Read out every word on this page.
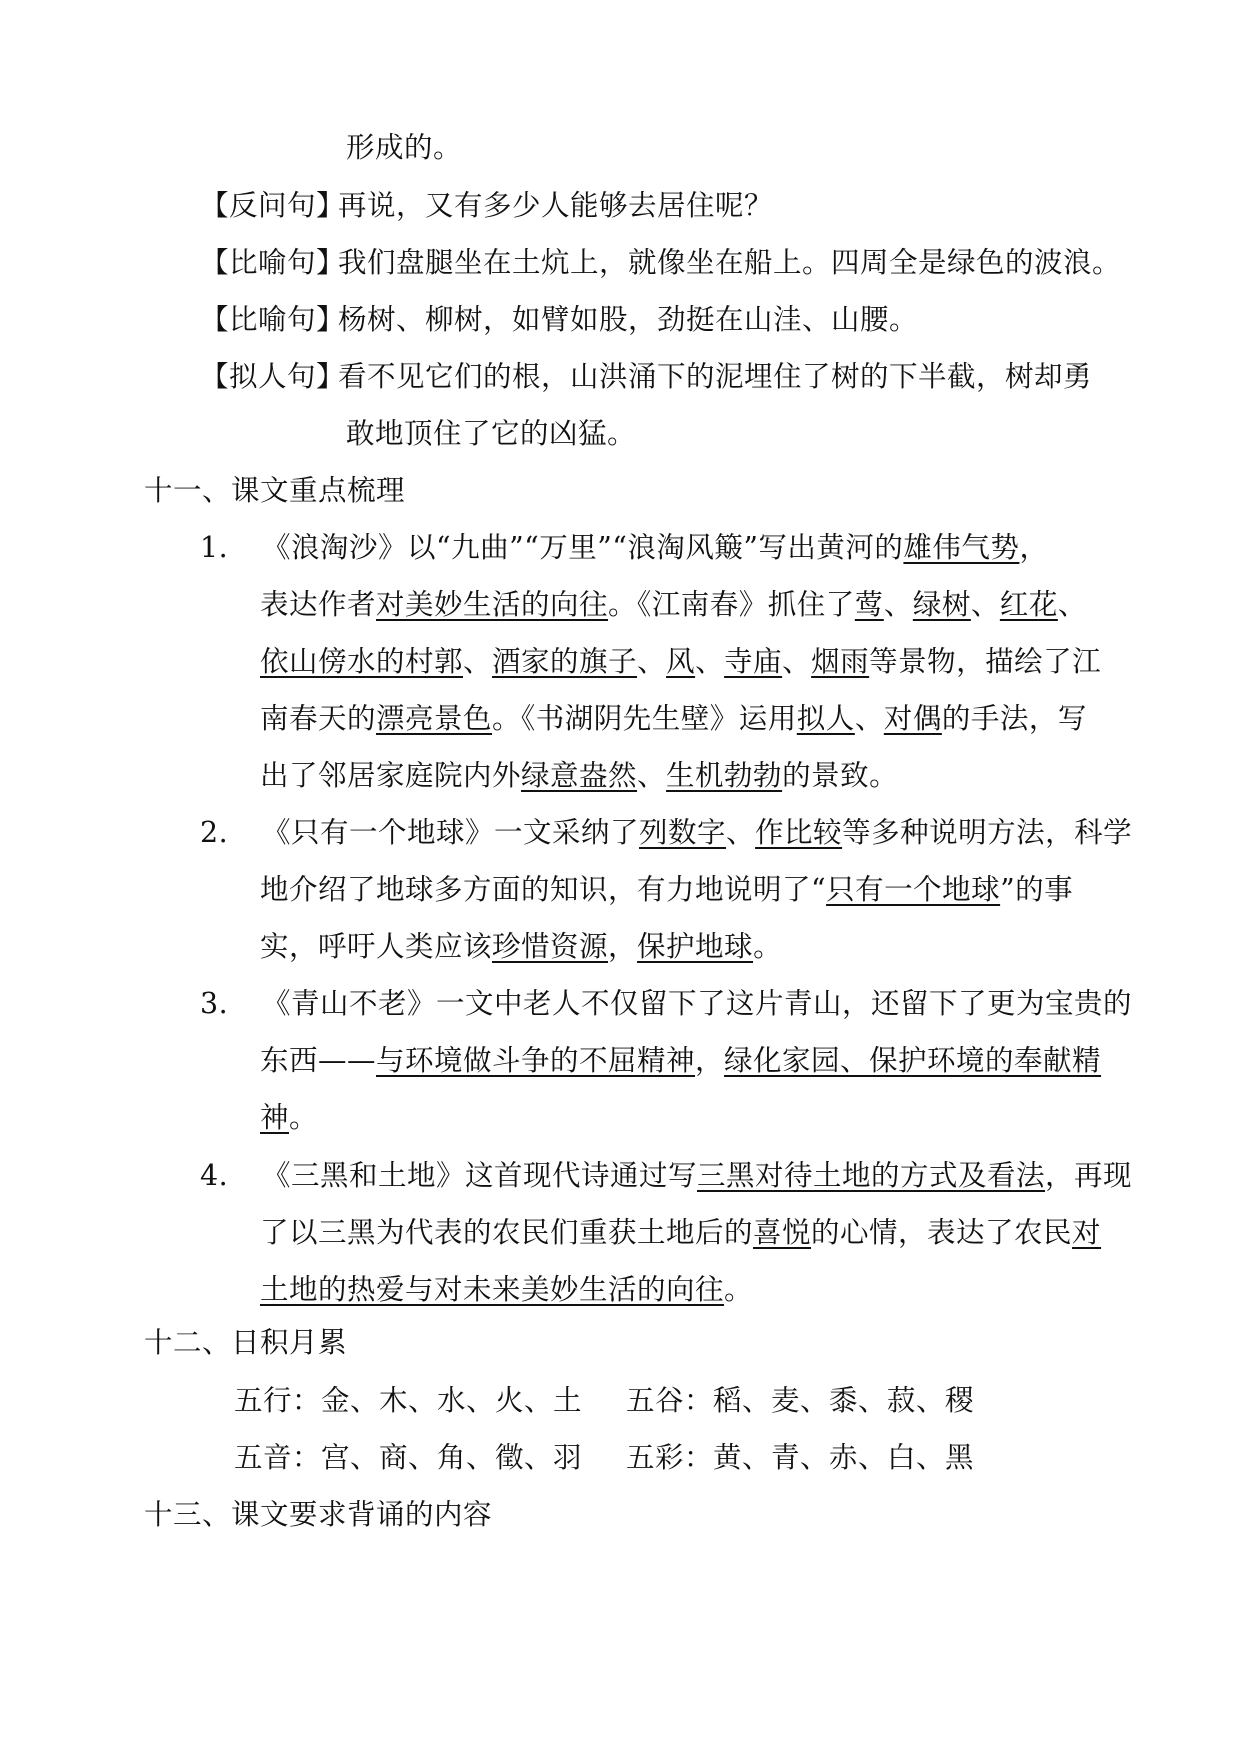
形成的。
【反问句】再说，又有多少人能够去居住呢？
【比喻句】我们盘腿坐在土炕上，就像坐在船上。四周全是绿色的波浪。
【比喻句】杨树、柳树，如臂如股，劲挺在山洼、山腰。
【拟人句】看不见它们的根，山洪涌下的泥埋住了树的下半截，树却勇
敢地顶住了它的凶猛。
十一、课文重点梳理
1. 《浪淘沙》以“九曲”“万里”“浪淘风簸”写出黄河的雄伟气势，
表达作者对美妙生活的向往。《江南春》抓住了莺、绿树、红花、
依山傍水的村郭、酒家的旗子、风、寺庙、烟雨等景物，描绘了江
南春天的漂亮景色。《书湖阴先生壁》运用拟人、对偶的手法，写
出了邻居家庭院内外绿意盎然、生机勃勃的景致。
2. 《只有一个地球》一文采纳了列数字、作比较等多种说明方法，科学
地介绍了地球多方面的知识，有力地说明了“只有一个地球”的事
实，呼吁人类应该珍惜资源，保护地球。
3. 《青山不老》一文中老人不仅留下了这片青山，还留下了更为宝贵的
东西——与环境做斗争的不屈精神，绿化家园、保护环境的奉献精
神。
4. 《三黑和土地》这首现代诗通过写三黑对待土地的方式及看法，再现
了以三黑为代表的农民们重获土地后的喜悦的心情，表达了农民对
土地的热爱与对未来美妙生活的向往。
十二、日积月累
五行：金、木、水、火、土 五谷：稻、麦、黍、菽、稷
五音：宫、商、角、徵、羽 五彩：黄、青、赤、白、黑
十三、课文要求背诵的内容
